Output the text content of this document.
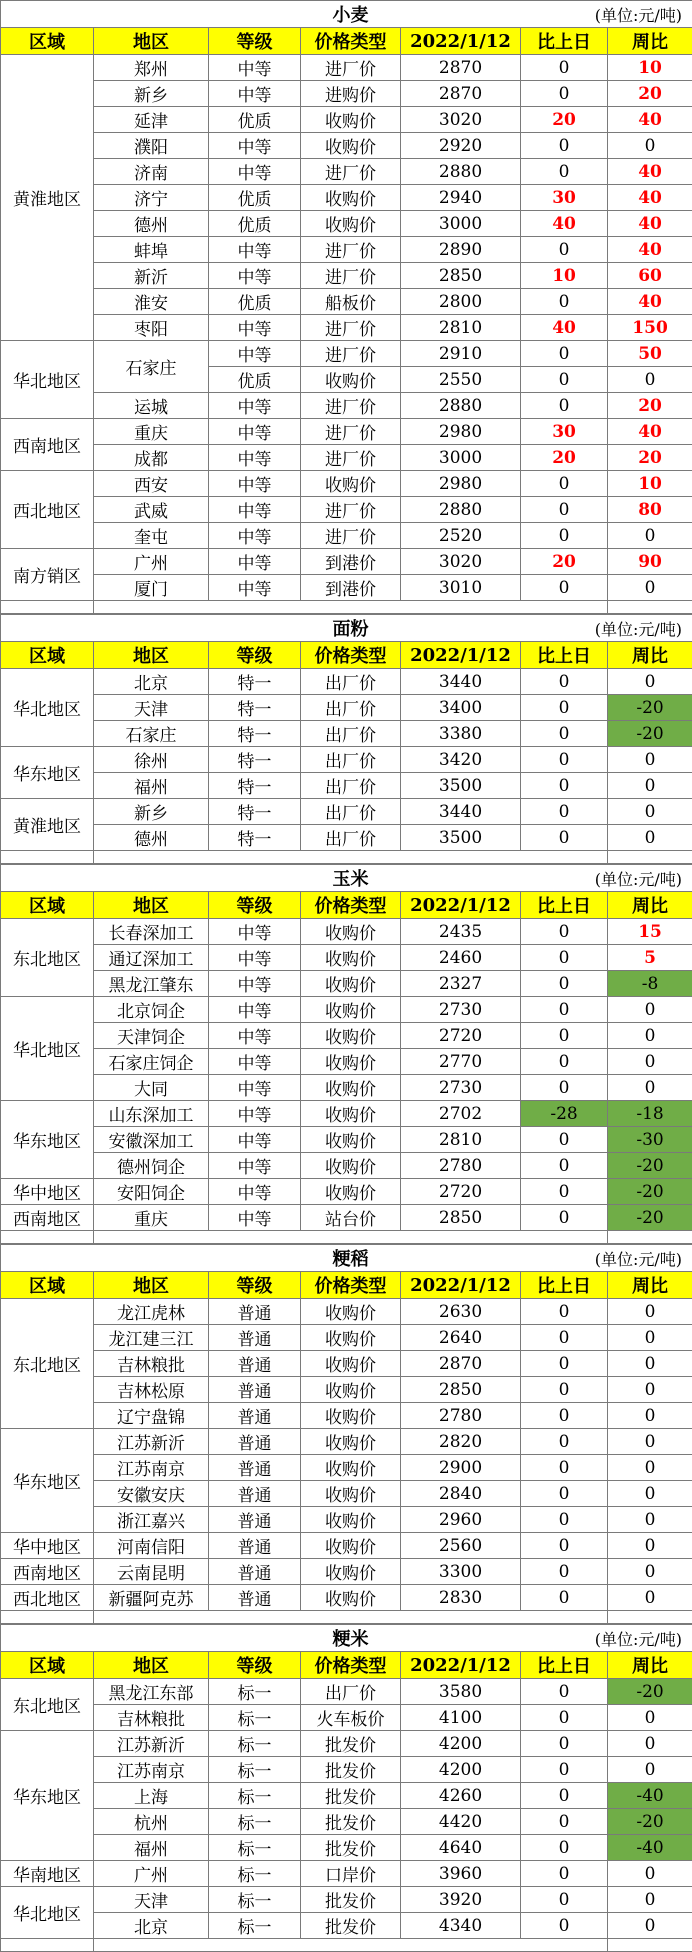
			小麦	(单位:元/吨)		
区域	地区	等级	价格类型	2022/1/12	比上日	周比
黄淮地区	郑州	中等	进厂价	2870	0	10
	新乡	中等	进购价	2870	0	20
	延津	优质	收购价	3020	20	40
	濮阳	中等	收购价	2920	0	0
	济南	中等	进厂价	2880	0	40
	济宁	优质	收购价	2940	30	40
	德州	优质	收购价	3000	40	40
	蚌埠	中等	进厂价	2890	0	40
	新沂	中等	进厂价	2850	10	60
	淮安	优质	船板价	2800	0	40
	枣阳	中等	进厂价	2810	40	150
华北地区	石家庄	中等	进厂价	2910	0	50
		优质	收购价	2550	0	0
	运城	中等	进厂价	2880	0	20
西南地区	重庆	中等	进厂价	2980	30	40
	成都	中等	进厂价	3000	20	20
西北地区	西安	中等	收购价	2980	0	10
	武威	中等	进厂价	2880	0	80
	奎屯	中等	进厂价	2520	0	0
南方销区	广州	中等	到港价	3020	20	90
	厦门	中等	到港价	3010	0	0

			面粉	(单位:元/吨)		
区域	地区	等级	价格类型	2022/1/12	比上日	周比
华北地区	北京	特一	出厂价	3440	0	0
	天津	特一	出厂价	3400	0	-20
	石家庄	特一	出厂价	3380	0	-20
华东地区	徐州	特一	出厂价	3420	0	0
	福州	特一	出厂价	3500	0	0
黄淮地区	新乡	特一	出厂价	3440	0	0
	德州	特一	出厂价	3500	0	0

			玉米	(单位:元/吨)		
区域	地区	等级	价格类型	2022/1/12	比上日	周比
东北地区	长春深加工	中等	收购价	2435	0	15
	通辽深加工	中等	收购价	2460	0	5
	黑龙江肇东	中等	收购价	2327	0	-8
华北地区	北京饲企	中等	收购价	2730	0	0
	天津饲企	中等	收购价	2720	0	0
	石家庄饲企	中等	收购价	2770	0	0
	大同	中等	收购价	2730	0	0
华东地区	山东深加工	中等	收购价	2702	-28	-18
	安徽深加工	中等	收购价	2810	0	-30
	德州饲企	中等	收购价	2780	0	-20
华中地区	安阳饲企	中等	收购价	2720	0	-20
西南地区	重庆	中等	站台价	2850	0	-20

			粳稻	(单位:元/吨)		
区域	地区	等级	价格类型	2022/1/12	比上日	周比
东北地区	龙江虎林	普通	收购价	2630	0	0
	龙江建三江	普通	收购价	2640	0	0
	吉林粮批	普通	收购价	2870	0	0
	吉林松原	普通	收购价	2850	0	0
	辽宁盘锦	普通	收购价	2780	0	0
华东地区	江苏新沂	普通	收购价	2820	0	0
	江苏南京	普通	收购价	2900	0	0
	安徽安庆	普通	收购价	2840	0	0
	浙江嘉兴	普通	收购价	2960	0	0
华中地区	河南信阳	普通	收购价	2560	0	0
西南地区	云南昆明	普通	收购价	3300	0	0
西北地区	新疆阿克苏	普通	收购价	2830	0	0

			粳米	(单位:元/吨)		
区域	地区	等级	价格类型	2022/1/12	比上日	周比
东北地区	黑龙江东部	标一	出厂价	3580	0	-20
	吉林粮批	标一	火车板价	4100	0	0
华东地区	江苏新沂	标一	批发价	4200	0	0
	江苏南京	标一	批发价	4200	0	0
	上海	标一	批发价	4260	0	-40
	杭州	标一	批发价	4420	0	-20
	福州	标一	批发价	4640	0	-40
华南地区	广州	标一	口岸价	3960	0	0
华北地区	天津	标一	批发价	3920	0	0
	北京	标一	批发价	4340	0	0
